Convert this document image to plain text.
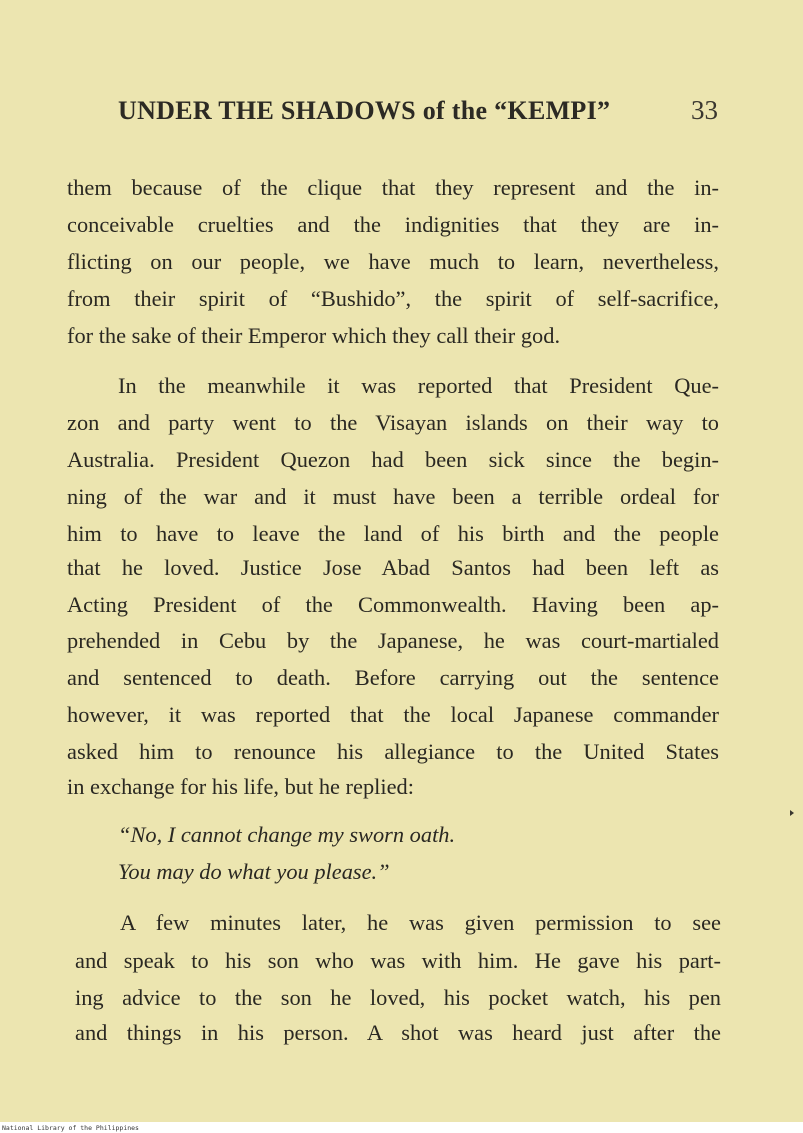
UNDER THE SHADOWS of the “KEMPI”	33
them because of the clique that they represent and the in-
conceivable cruelties and the indignities that they are in-
flicting on our people, we have much to learn, nevertheless,
from their spirit of “Bushido”, the spirit of self-sacrifice,
for the sake of their Emperor which they call their god.
In the meanwhile it was reported that President Que-
zon and party went to the Visayan islands on their way to
Australia. President Quezon had been sick since the begin-
ning of the war and it must have been a terrible ordeal for
him to have to leave the land of his birth and the people
that he loved. Justice Jose Abad Santos had been left as
Acting President of the Commonwealth. Having been ap-
prehended in Cebu by the Japanese, he was court-martialed
and sentenced to death. Before carrying out the sentence
however, it was reported that the local Japanese commander
asked him to renounce his allegiance to the United States
in exchange for his life, but he replied:
“No, I cannot change my sworn oath.
You may do what you please.”
A few minutes later, he was given permission to see
and speak to his son who was with him. He gave his part-
ing advice to the son he loved, his pocket watch, his pen
and things in his person. A shot was heard just after the
National Library of the Philippines
